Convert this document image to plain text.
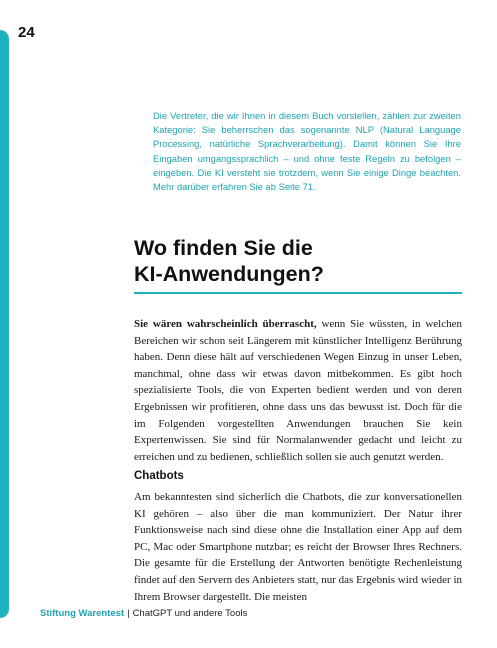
24

Die Vertreter, die wir Ihnen in diesem Buch vorstellen, zählen zur zweiten Kategorie: Sie beherrschen das sogenannte NLP (Natural Language Processing, natürliche Sprachverarbeitung). Damit können Sie Ihre Eingaben umgangssprachlich – und ohne feste Regeln zu befolgen – eingeben. Die KI versteht sie trotzdem, wenn Sie einige Dinge beachten. Mehr darüber erfahren Sie ab Seite 71.

Wo finden Sie die
KI-Anwendungen?

Sie wären wahrscheinlich überrascht, wenn Sie wüssten, in welchen Bereichen wir schon seit Längerem mit künstlicher Intelligenz Berührung haben. Denn diese hält auf verschiedenen Wegen Einzug in unser Leben, manchmal, ohne dass wir etwas davon mitbekommen. Es gibt hoch spezialisierte Tools, die von Experten bedient werden und von deren Ergebnissen wir profitieren, ohne dass uns das bewusst ist. Doch für die im Folgenden vorgestellten Anwendungen brauchen Sie kein Expertenwissen. Sie sind für Normalanwender gedacht und leicht zu erreichen und zu bedienen, schließlich sollen sie auch genutzt werden.

Chatbots

Am bekanntesten sind sicherlich die Chatbots, die zur konversationellen KI gehören – also über die man kommuniziert. Der Natur ihrer Funktionsweise nach sind diese ohne die Installation einer App auf dem PC, Mac oder Smartphone nutzbar; es reicht der Browser Ihres Rechners. Die gesamte für die Erstellung der Antworten benötigte Rechenleistung findet auf den Servern des Anbieters statt, nur das Ergebnis wird wieder in Ihrem Browser dargestellt. Die meisten

Stiftung Warentest | ChatGPT und andere Tools
